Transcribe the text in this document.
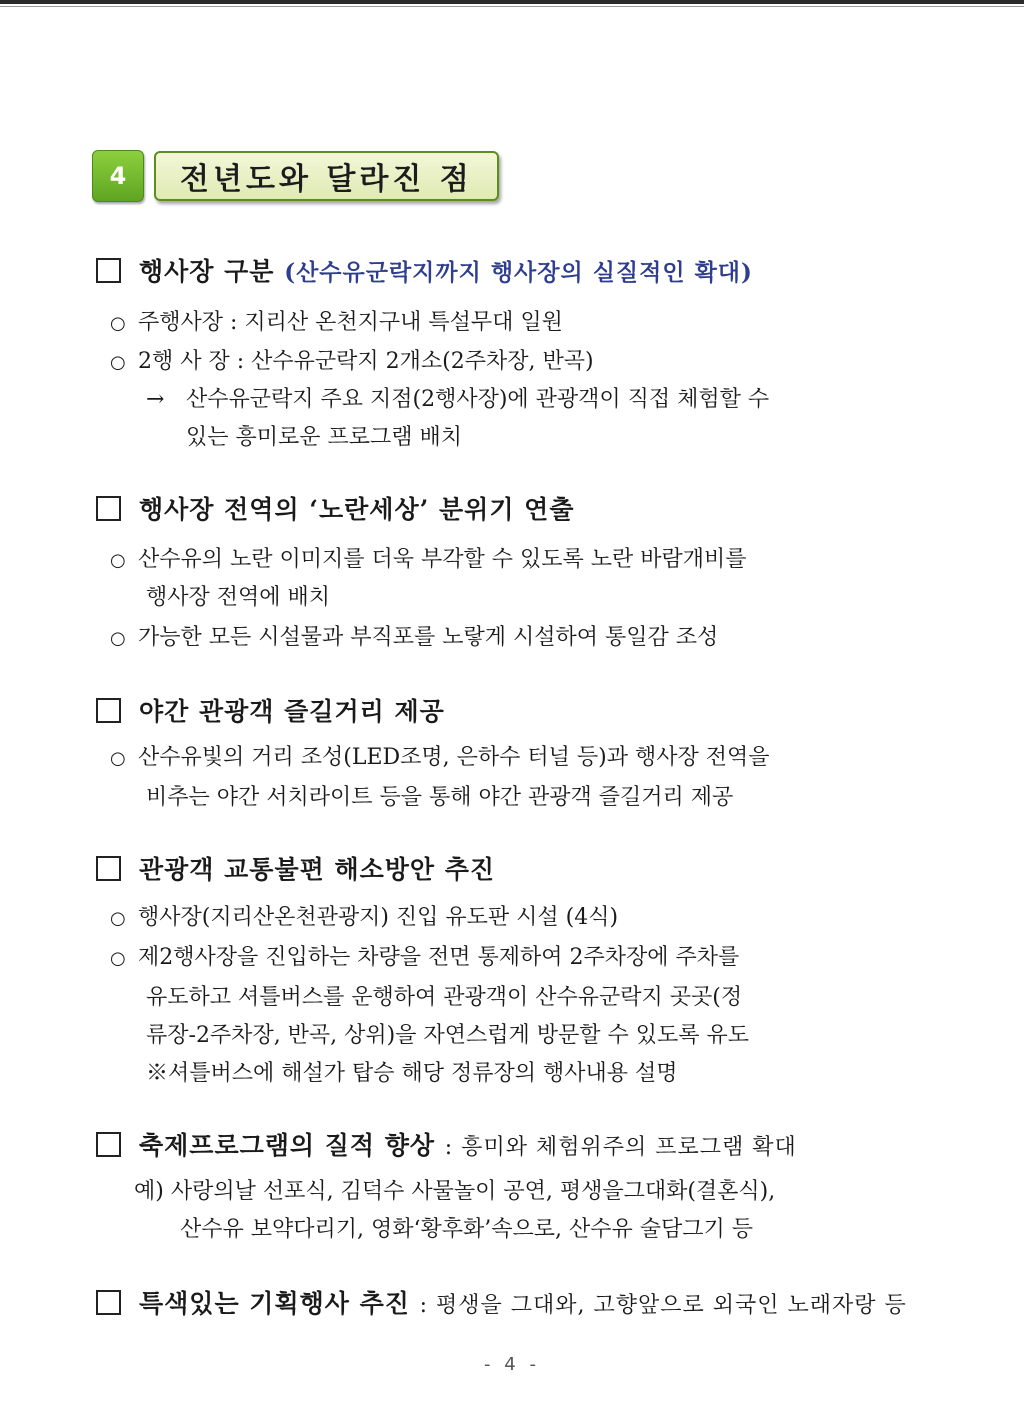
4	전년도와 달라진 점
행사장 구분 (산수유군락지까지 행사장의 실질적인 확대)
○ 주행사장 : 지리산 온천지구내 특설무대 일원
○ 2행 사 장 : 산수유군락지 2개소(2주차장, 반곡)
→ 산수유군락지 주요 지점(2행사장)에 관광객이 직접 체험할 수
있는 흥미로운 프로그램 배치
행사장 전역의 ‘노란세상’ 분위기 연출
○ 산수유의 노란 이미지를 더욱 부각할 수 있도록 노란 바람개비를
행사장 전역에 배치
○ 가능한 모든 시설물과 부직포를 노랗게 시설하여 통일감 조성
야간 관광객 즐길거리 제공
○ 산수유빛의 거리 조성(LED조명, 은하수 터널 등)과 행사장 전역을
비추는 야간 서치라이트 등을 통해 야간 관광객 즐길거리 제공
관광객 교통불편 해소방안 추진
○ 행사장(지리산온천관광지) 진입 유도판 시설 (4식)
○ 제2행사장을 진입하는 차량을 전면 통제하여 2주차장에 주차를
유도하고 셔틀버스를 운행하여 관광객이 산수유군락지 곳곳(정
류장-2주차장, 반곡, 상위)을 자연스럽게 방문할 수 있도록 유도
※셔틀버스에 해설가 탑승 해당 정류장의 행사내용 설명
축제프로그램의 질적 향상 : 흥미와 체험위주의 프로그램 확대
예) 사랑의날 선포식, 김덕수 사물놀이 공연, 평생을그대화(결혼식),
산수유 보약다리기, 영화‘황후화’속으로, 산수유 술담그기 등
특색있는 기획행사 추진 : 평생을 그대와, 고향앞으로 외국인 노래자랑 등
- 4 -
